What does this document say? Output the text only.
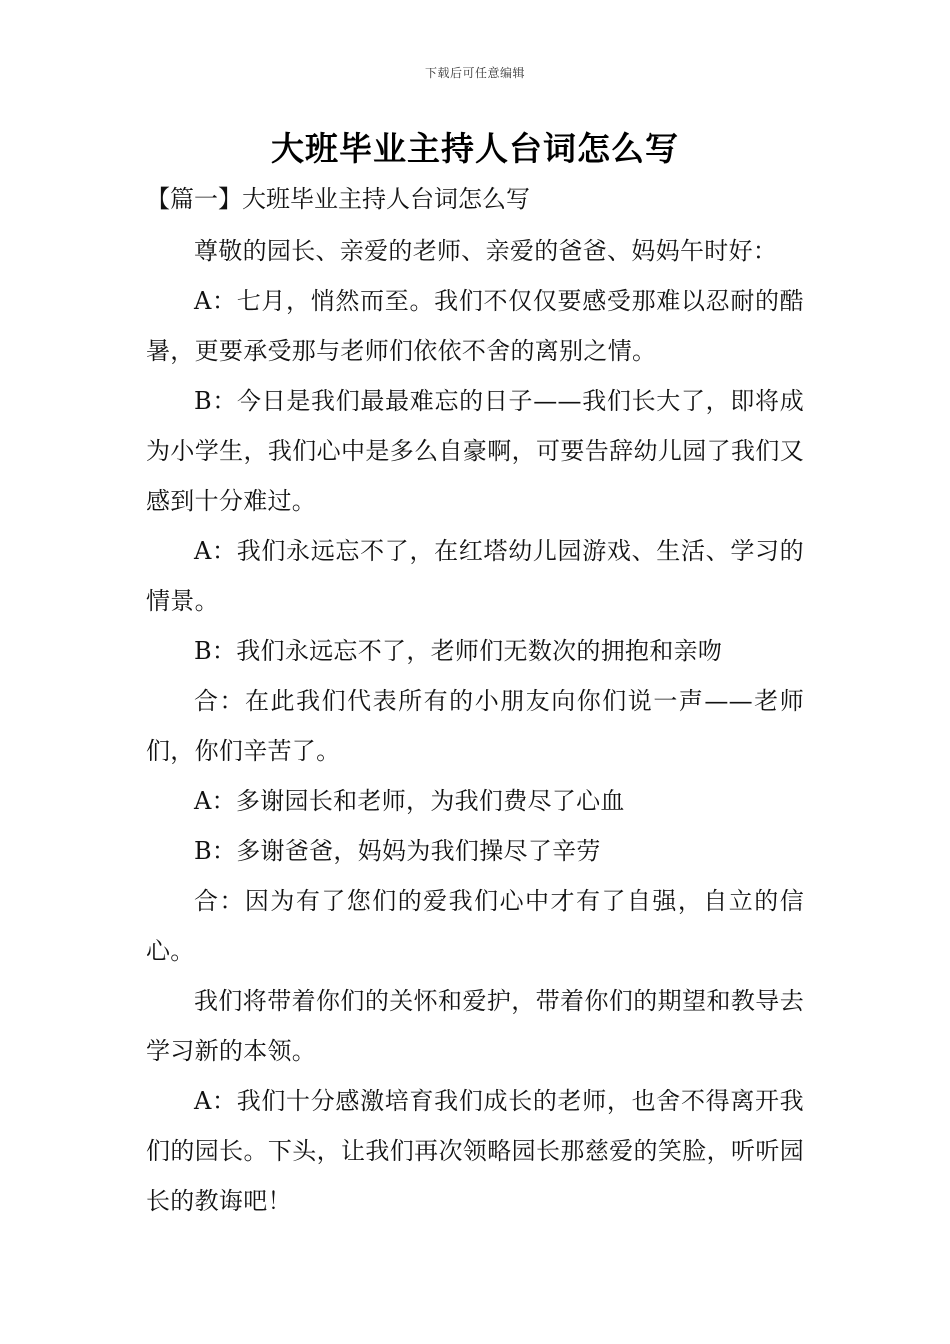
下载后可任意编辑
大班毕业主持人台词怎么写
【篇一】大班毕业主持人台词怎么写

尊敬的园长、亲爱的老师、亲爱的爸爸、妈妈午时好：

A：七月，悄然而至。我们不仅仅要感受那难以忍耐的酷暑，更要承受那与老师们依依不舍的离别之情。

B：今日是我们最最难忘的日子——我们长大了，即将成为小学生，我们心中是多么自豪啊，可要告辞幼儿园了我们又感到十分难过。

A：我们永远忘不了，在红塔幼儿园游戏、生活、学习的情景。

B：我们永远忘不了，老师们无数次的拥抱和亲吻

合：在此我们代表所有的小朋友向你们说一声——老师们，你们辛苦了。

A：多谢园长和老师，为我们费尽了心血

B：多谢爸爸，妈妈为我们操尽了辛劳

合：因为有了您们的爱我们心中才有了自强，自立的信心。

我们将带着你们的关怀和爱护，带着你们的期望和教导去学习新的本领。

A：我们十分感激培育我们成长的老师，也舍不得离开我们的园长。下头，让我们再次领略园长那慈爱的笑脸，听听园长的教诲吧！
